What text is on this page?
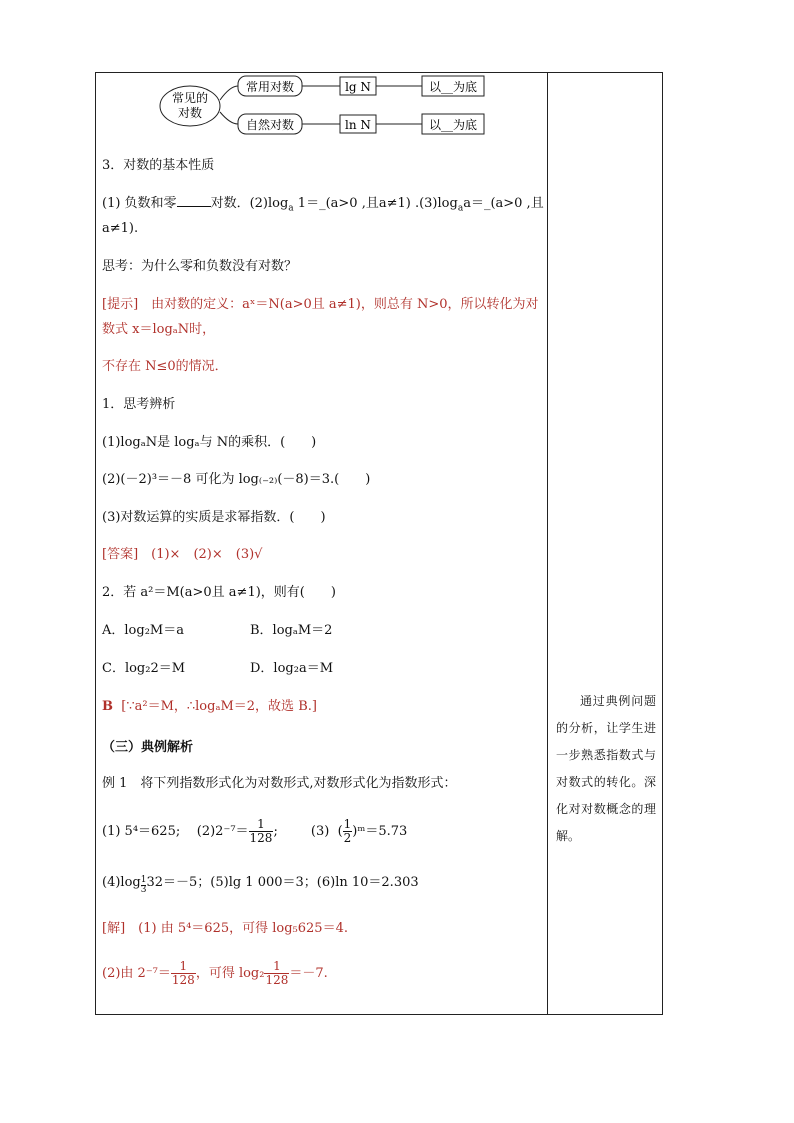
常见的
对数
常用对数	lg N	以__为底
自然对数	ln N	以__为底
3．对数的基本性质
(1) 负数和零	对数．$(2)\log_a$ 1＝_(a>0 ,且a≠1) $.(3)\log_aa=\_(a>0$ ,且
a≠1).
思考：为什么零和负数没有对数？
[提示]　由对数的定义：aˣ＝N(a>0且 a≠1)，则总有 N>0，所以转化为对
数式 x＝logₐN时，
不存在 N≤0的情况．
1．思考辨析
(1)logₐN是 logₐ与 N的乘积．(　　)
(2)(－2)³＝－8 可化为 log₍₋₂₎(－8)＝3.(　　)
(3)对数运算的实质是求幂指数．(　　)
[答案]　(1)×　(2)×　(3)√
2．若 a²＝M(a>0且 a≠1)，则有(　　)
A．log₂M＝a	B．logₐM＝2
C．log₂2＝M	D．log₂a＝M
B [∵a²＝M，∴logₐM＝2，故选 B.]
（三）典例解析
例 1　将下列指数形式化为对数形式,对数形式化为指数形式：
(1) 5⁴＝625; $(2)2^{-7}= \frac{1}{128}$ ;	(3)  ( $\frac{1}{2}$ )ᵐ＝5.73
$(4)\log \frac{1}{3} 32=-5$；(5)lg 1 000＝3；(6)ln 10＝2.303
[解]　(1) 由 5⁴＝625，可得 log₅625＝4.
(2)由 $2^{-7}= \frac{1}{128}$ ，可得 $\log_2 \frac{1}{128} =-7$.

通过典例问题的分析，让学生进一步熟悉指数式与对数式的转化。深化对对数概念的理解。
